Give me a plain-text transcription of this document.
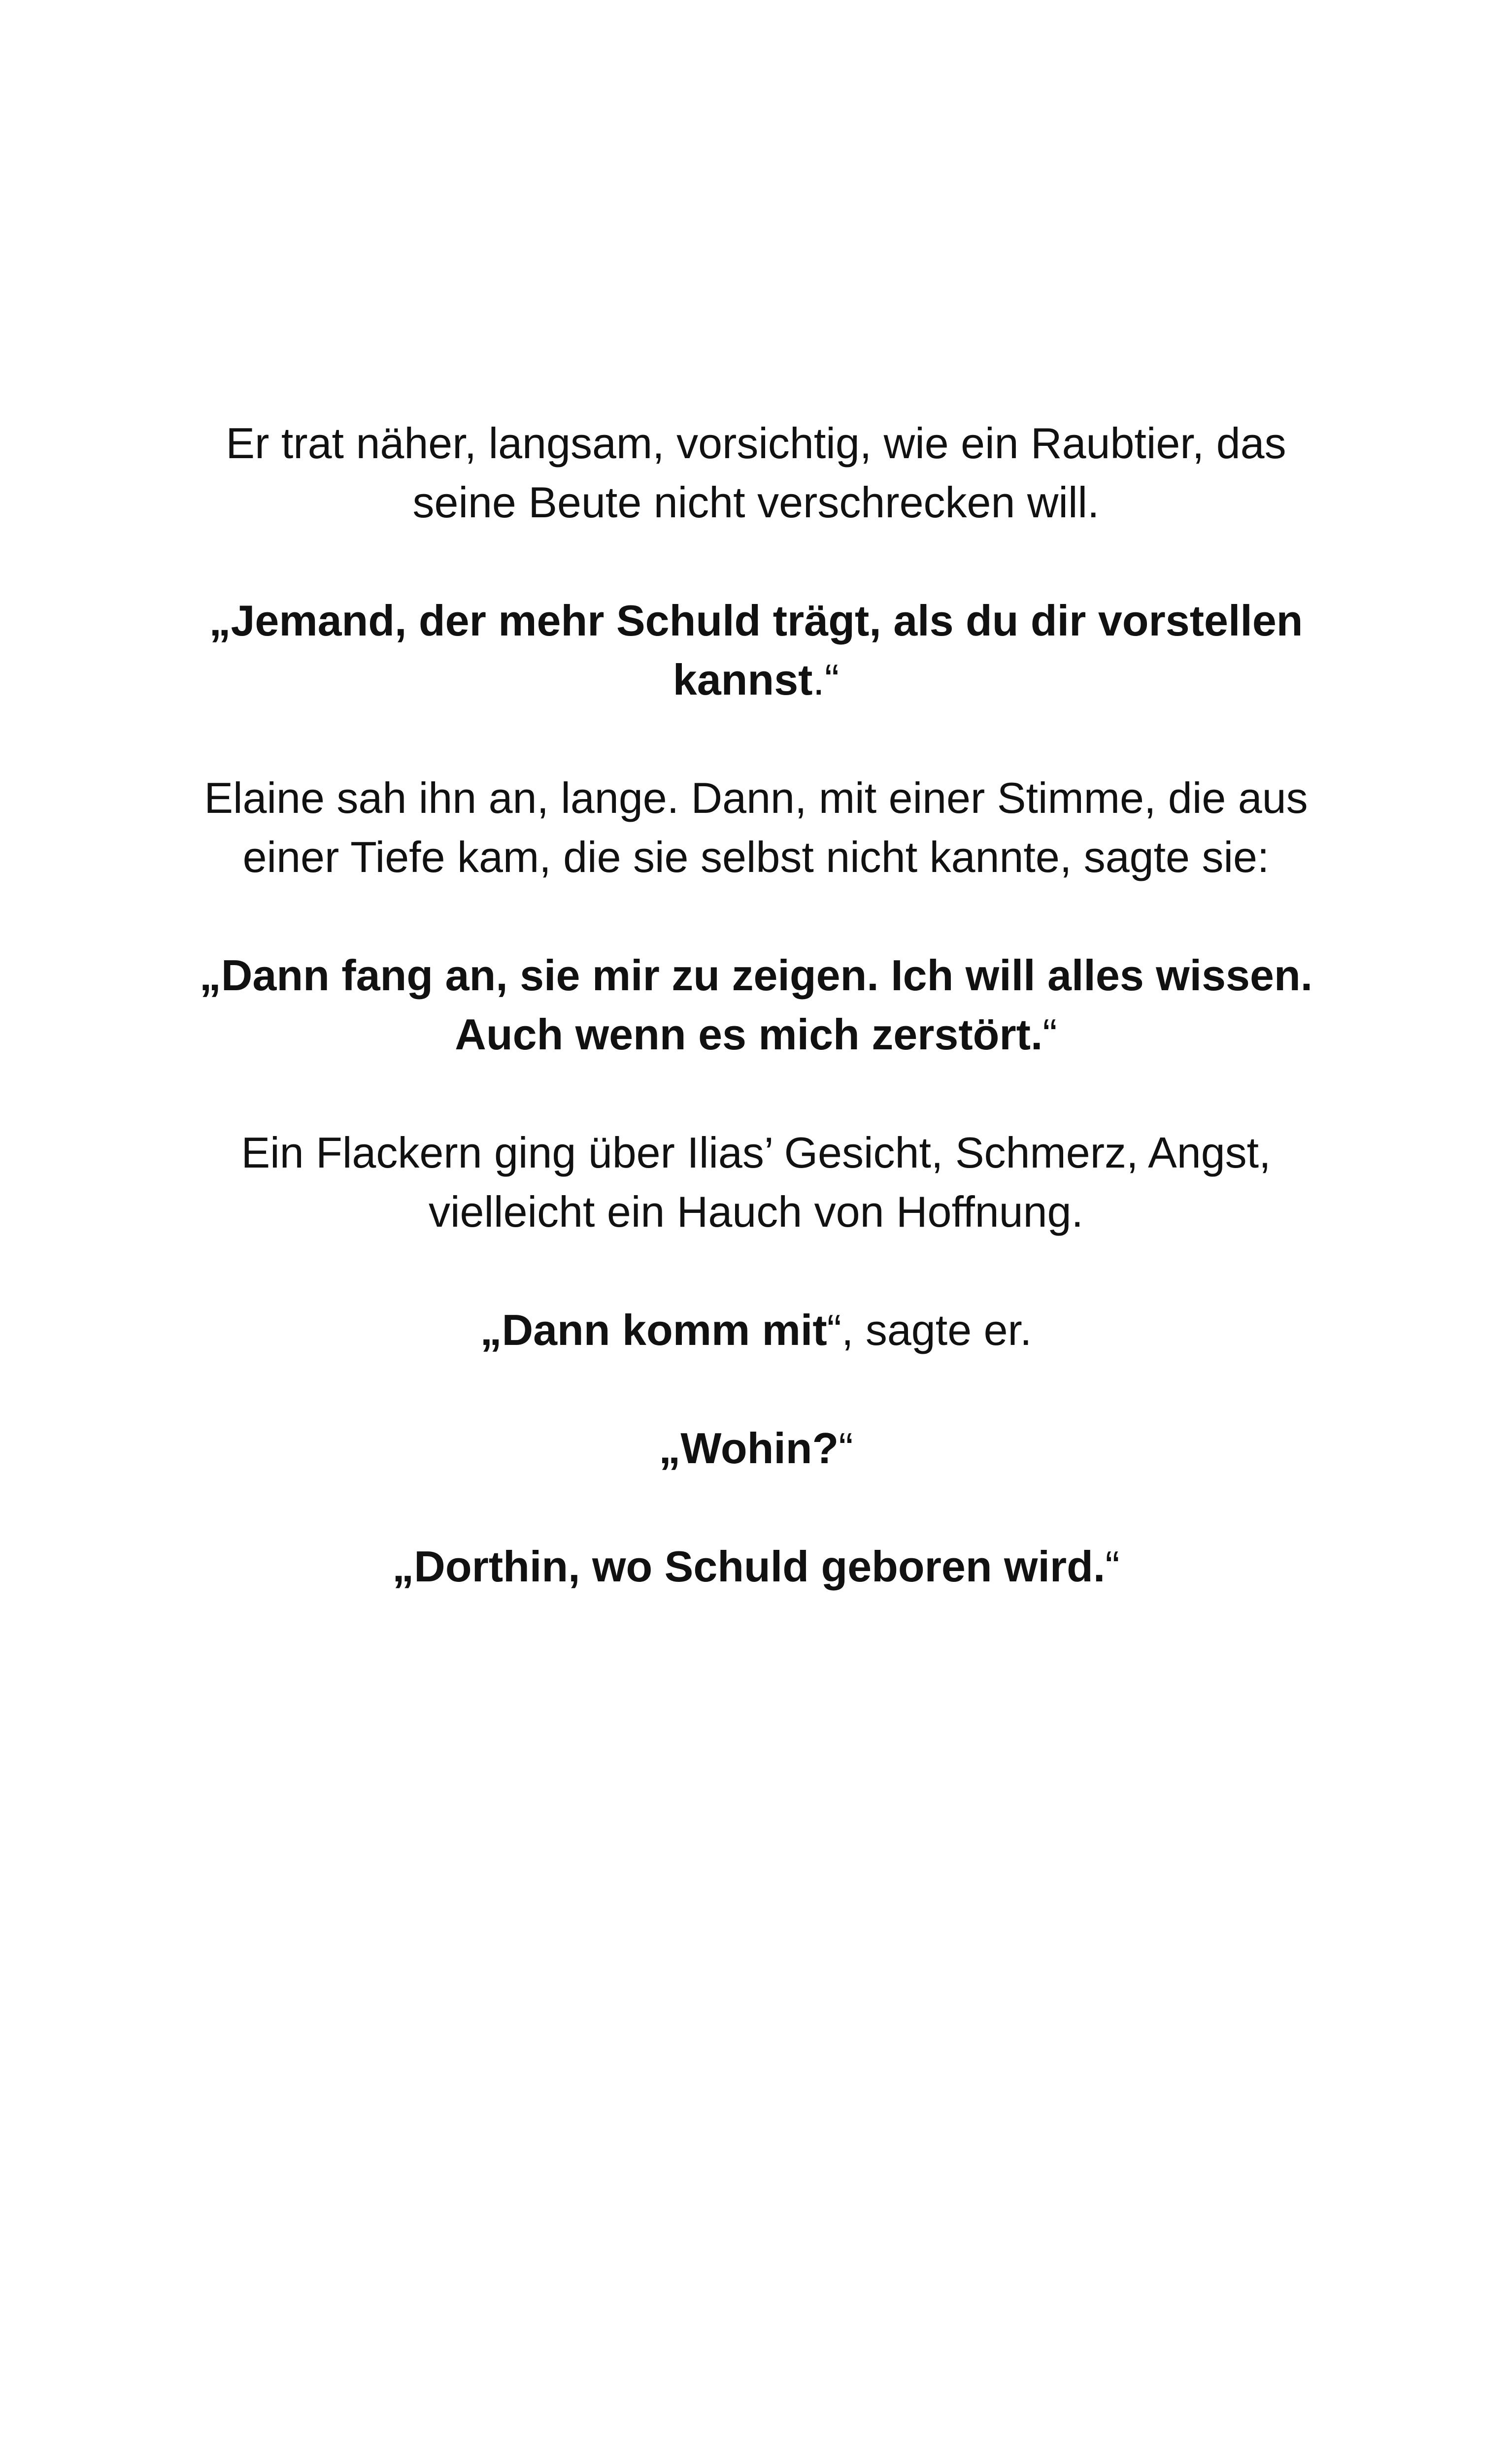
Er trat näher, langsam, vorsichtig, wie ein Raubtier, das
seine Beute nicht verschrecken will.

„Jemand, der mehr Schuld trägt, als du dir vorstellen
kannst.“

Elaine sah ihn an, lange. Dann, mit einer Stimme, die aus
einer Tiefe kam, die sie selbst nicht kannte, sagte sie:

„Dann fang an, sie mir zu zeigen. Ich will alles wissen.
Auch wenn es mich zerstört.“

Ein Flackern ging über Ilias’ Gesicht, Schmerz, Angst,
vielleicht ein Hauch von Hoffnung.

„Dann komm mit“, sagte er.

„Wohin?“

„Dorthin, wo Schuld geboren wird.“
